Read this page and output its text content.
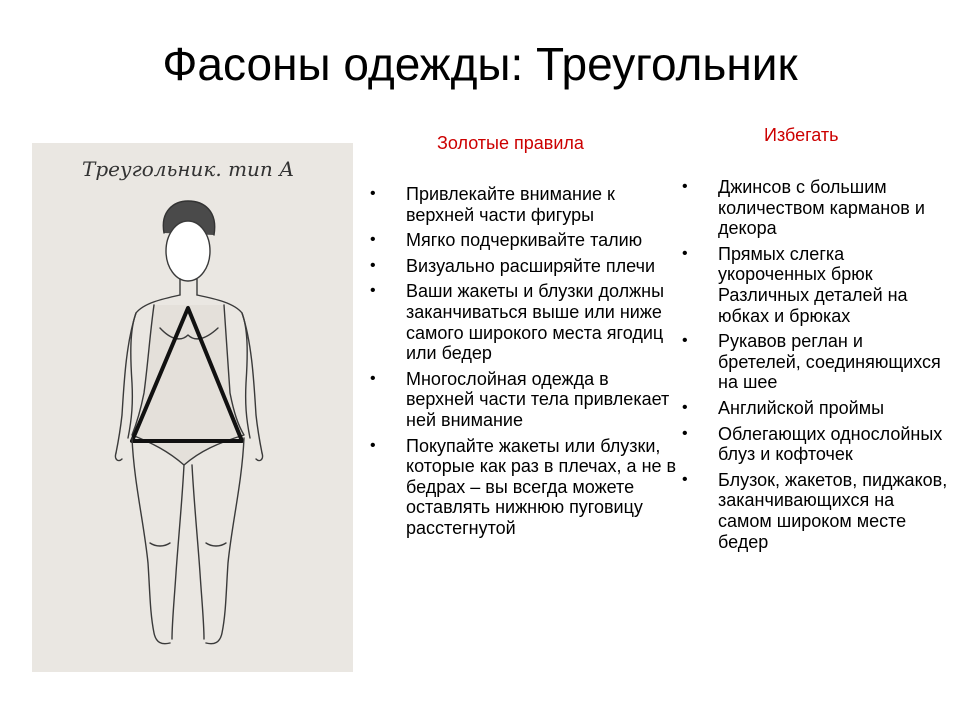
Фасоны одежды: Треугольник
Треугольник. тип А
Золотые правила	Избегать
• Привлекайте внимание к верхней части фигуры
• Мягко подчеркивайте талию
• Визуально расширяйте плечи
• Ваши жакеты и блузки должны заканчиваться выше или ниже самого широкого места ягодиц или бедер
• Многослойная одежда в верхней части тела привлекает ней внимание
• Покупайте жакеты или блузки, которые как раз в плечах, а не в бедрах – вы всегда можете оставлять нижнюю пуговицу расстегнутой
• Джинсов с большим количеством карманов и декора
• Прямых слегка укороченных брюк Различных деталей на юбках и брюках
• Рукавов реглан и бретелей, соединяющихся на шее
• Английской проймы
• Облегающих однослойных блуз и кофточек
• Блузок, жакетов, пиджаков, заканчивающихся на самом широком месте бедер
